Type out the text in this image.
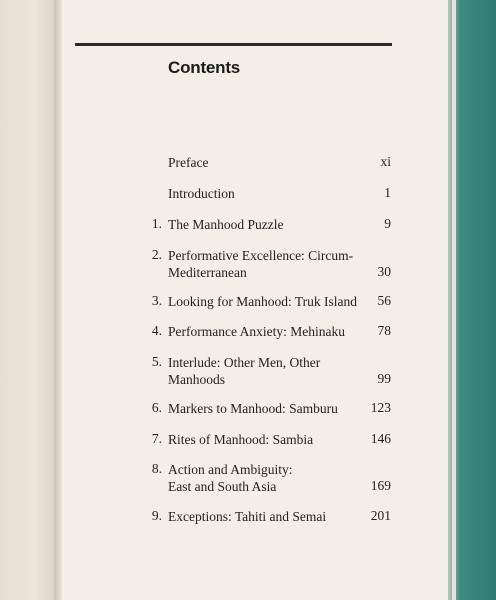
Contents
Preface	xi
Introduction	1
1. The Manhood Puzzle	9
2. Performative Excellence: Circum-
Mediterranean	30
3. Looking for Manhood: Truk Island	56
4. Performance Anxiety: Mehinaku	78
5. Interlude: Other Men, Other
Manhoods	99
6. Markers to Manhood: Samburu	123
7. Rites of Manhood: Sambia	146
8. Action and Ambiguity:
East and South Asia	169
9. Exceptions: Tahiti and Semai	201
